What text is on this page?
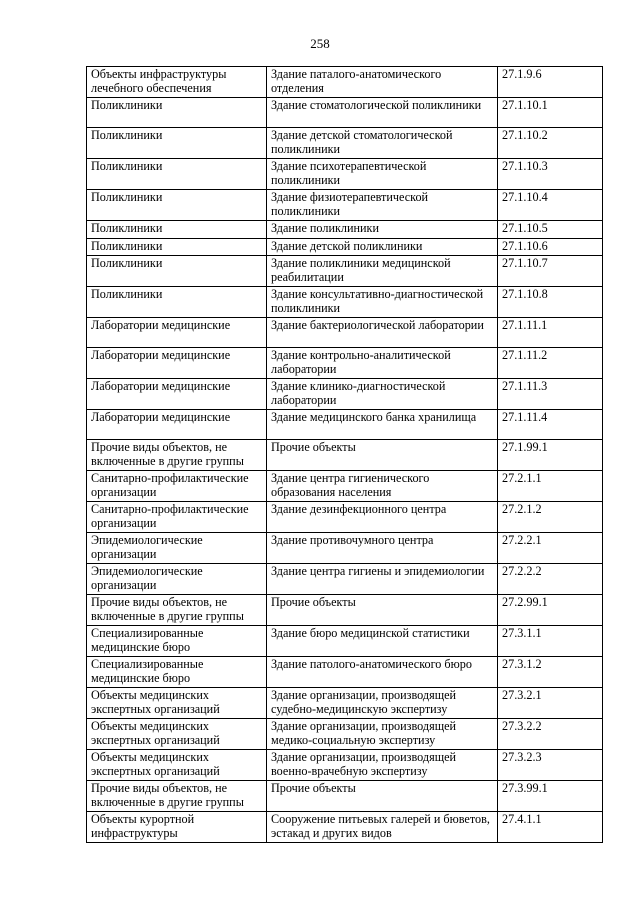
258
Объекты инфраструктуры лечебного обеспечения	Здание паталого-анатомического отделения	27.1.9.6
Поликлиники	Здание стоматологической поликлиники	27.1.10.1
Поликлиники	Здание детской стоматологической поликлиники	27.1.10.2
Поликлиники	Здание психотерапевтической поликлиники	27.1.10.3
Поликлиники	Здание физиотерапевтической поликлиники	27.1.10.4
Поликлиники	Здание поликлиники	27.1.10.5
Поликлиники	Здание детской поликлиники	27.1.10.6
Поликлиники	Здание поликлиники медицинской реабилитации	27.1.10.7
Поликлиники	Здание консультативно-диагностической поликлиники	27.1.10.8
Лаборатории медицинские	Здание бактериологической лаборатории	27.1.11.1
Лаборатории медицинские	Здание контрольно-аналитической лаборатории	27.1.11.2
Лаборатории медицинские	Здание клинико-диагностической лаборатории	27.1.11.3
Лаборатории медицинские	Здание медицинского банка хранилища	27.1.11.4
Прочие виды объектов, не включенные в другие группы	Прочие объекты	27.1.99.1
Санитарно-профилактические организации	Здание центра гигиенического образования населения	27.2.1.1
Санитарно-профилактические организации	Здание дезинфекционного центра	27.2.1.2
Эпидемиологические организации	Здание противочумного центра	27.2.2.1
Эпидемиологические организации	Здание центра гигиены и эпидемиологии	27.2.2.2
Прочие виды объектов, не включенные в другие группы	Прочие объекты	27.2.99.1
Специализированные медицинские бюро	Здание бюро медицинской статистики	27.3.1.1
Специализированные медицинские бюро	Здание патолого-анатомического бюро	27.3.1.2
Объекты медицинских экспертных организаций	Здание организации, производящей судебно-медицинскую экспертизу	27.3.2.1
Объекты медицинских экспертных организаций	Здание организации, производящей медико-социальную экспертизу	27.3.2.2
Объекты медицинских экспертных организаций	Здание организации, производящей военно-врачебную экспертизу	27.3.2.3
Прочие виды объектов, не включенные в другие группы	Прочие объекты	27.3.99.1
Объекты курортной инфраструктуры	Сооружение питьевых галерей и бюветов, эстакад и других видов	27.4.1.1
